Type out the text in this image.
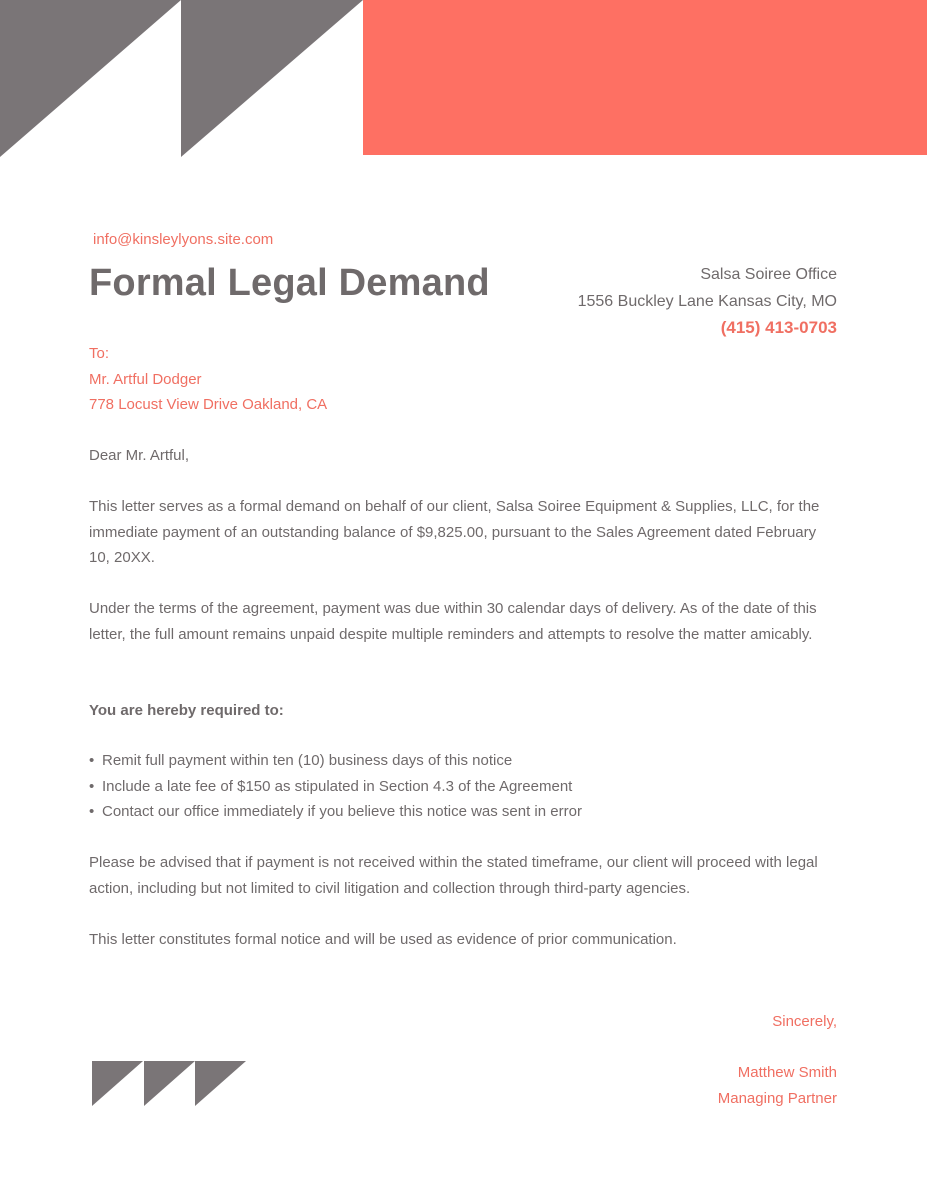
info@kinsleylyons.site.com
Formal Legal Demand	Salsa Soiree Office
1556 Buckley Lane Kansas City, MO
(415) 413-0703
To:
Mr. Artful Dodger
778 Locust View Drive Oakland, CA
Dear Mr. Artful,
This letter serves as a formal demand on behalf of our client, Salsa Soiree Equipment & Supplies, LLC, for the immediate payment of an outstanding balance of $9,825.00, pursuant to the Sales Agreement dated February 10, 20XX.
Under the terms of the agreement, payment was due within 30 calendar days of delivery. As of the date of this letter, the full amount remains unpaid despite multiple reminders and attempts to resolve the matter amicably.
You are hereby required to:
• Remit full payment within ten (10) business days of this notice
• Include a late fee of $150 as stipulated in Section 4.3 of the Agreement
• Contact our office immediately if you believe this notice was sent in error
Please be advised that if payment is not received within the stated timeframe, our client will proceed with legal action, including but not limited to civil litigation and collection through third-party agencies.
This letter constitutes formal notice and will be used as evidence of prior communication.
Sincerely,
Matthew Smith
Managing Partner
